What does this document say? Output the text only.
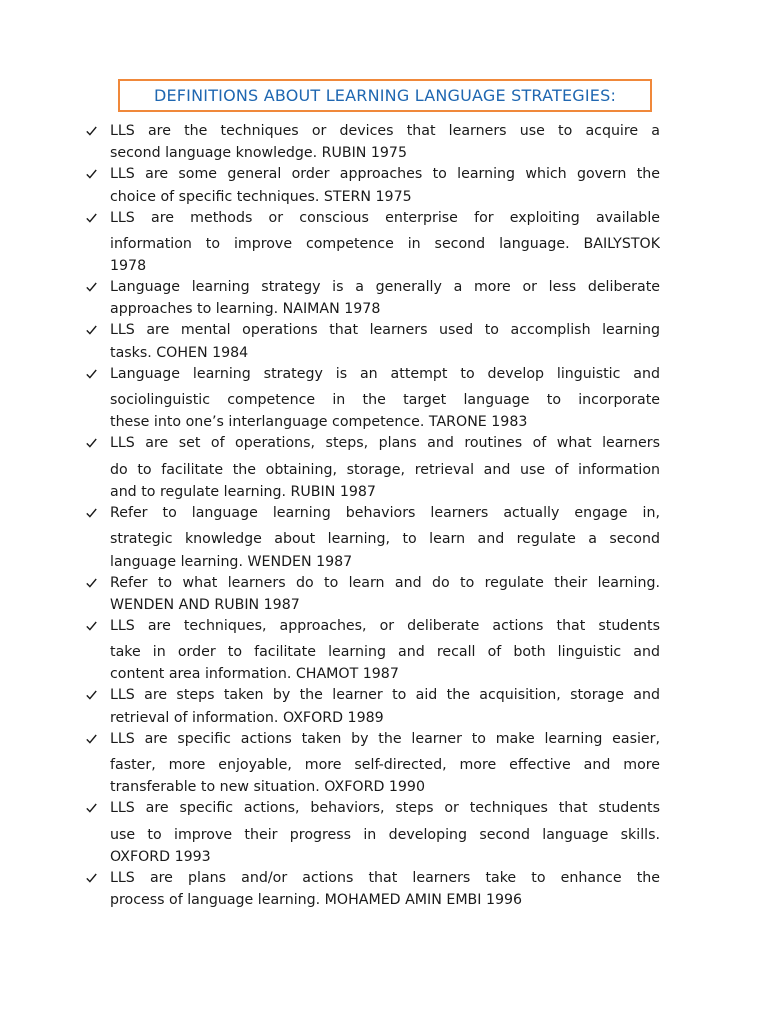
DEFINITIONS ABOUT LEARNING LANGUAGE STRATEGIES:
LLS are the techniques or devices that learners use to acquire a
second language knowledge. RUBIN 1975
LLS are some general order approaches to learning which govern the
choice of specific techniques. STERN 1975
LLS are methods or conscious enterprise for exploiting available
information to improve competence in second language. BAILYSTOK
1978
Language learning strategy is a generally a more or less deliberate
approaches to learning. NAIMAN 1978
LLS are mental operations that learners used to accomplish learning
tasks. COHEN 1984
Language learning strategy is an attempt to develop linguistic and
sociolinguistic competence in the target language to incorporate
these into one’s interlanguage competence. TARONE 1983
LLS are set of operations, steps, plans and routines of what learners
do to facilitate the obtaining, storage, retrieval and use of information
and to regulate learning. RUBIN 1987
Refer to language learning behaviors learners actually engage in,
strategic knowledge about learning, to learn and regulate a second
language learning. WENDEN 1987
Refer to what learners do to learn and do to regulate their learning.
WENDEN AND RUBIN 1987
LLS are techniques, approaches, or deliberate actions that students
take in order to facilitate learning and recall of both linguistic and
content area information. CHAMOT 1987
LLS are steps taken by the learner to aid the acquisition, storage and
retrieval of information. OXFORD 1989
LLS are specific actions taken by the learner to make learning easier,
faster, more enjoyable, more self-directed, more effective and more
transferable to new situation. OXFORD 1990
LLS are specific actions, behaviors, steps or techniques that students
use to improve their progress in developing second language skills.
OXFORD 1993
LLS are plans and/or actions that learners take to enhance the
process of language learning. MOHAMED AMIN EMBI 1996
